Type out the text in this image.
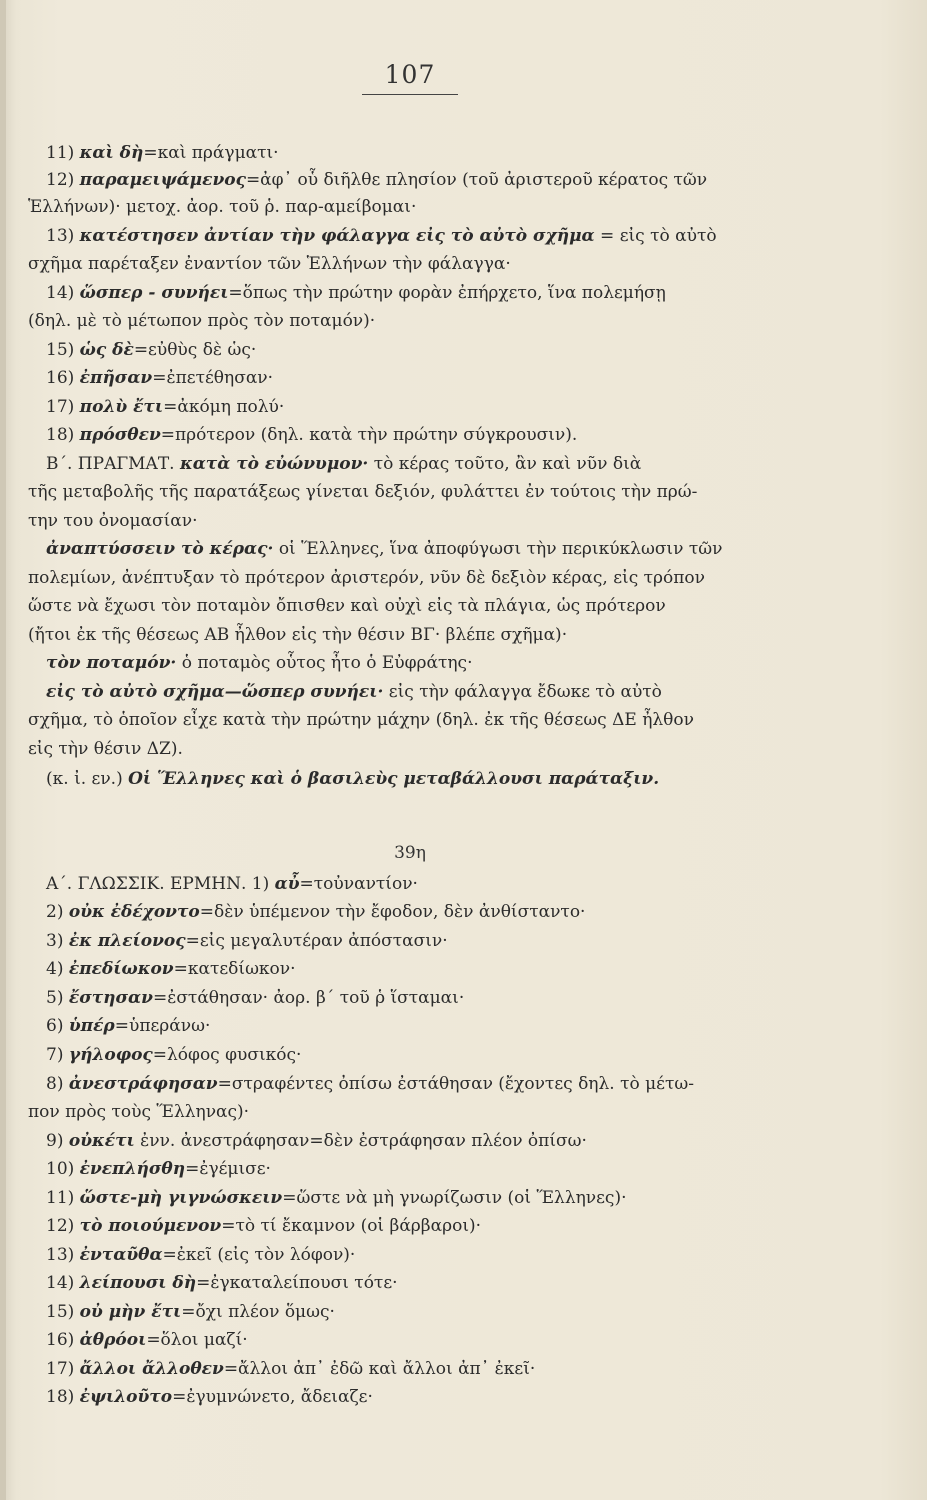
107
11) καὶ δὴ=καὶ πράγματι·
12) παραμειψάμενος=ἀφ᾿ οὗ διῆλθε πλησίον (τοῦ ἀριστεροῦ κέρατος τῶν
Ἑλλήνων)· μετοχ. ἀορ. τοῦ ῥ. παρ-αμείβομαι·
13) κατέστησεν ἀντίαν τὴν φάλαγγα εἰς τὸ αὐτὸ σχῆμα = εἰς τὸ αὐτὸ
σχῆμα παρέταξεν ἐναντίον τῶν Ἑλλήνων τὴν φάλαγγα·
14) ὥσπερ - συνήει=ὅπως τὴν πρώτην φορὰν ἐπήρχετο, ἵνα πολεμήσῃ
(δηλ. μὲ τὸ μέτωπον πρὸς τὸν ποταμόν)·
15) ὡς δὲ=εὐθὺς δὲ ὡς·
16) ἐπῆσαν=ἐπετέθησαν·
17) πολὺ ἔτι=ἀκόμη πολύ·
18) πρόσθεν=πρότερον (δηλ. κατὰ τὴν πρώτην σύγκρουσιν).
Β΄. ΠΡΑΓΜΑΤ. κατὰ τὸ εὐώνυμον· τὸ κέρας τοῦτο, ἂν καὶ νῦν διὰ
τῆς μεταβολῆς τῆς παρατάξεως γίνεται δεξιόν, φυλάττει ἐν τούτοις τὴν πρώ-
την του ὀνομασίαν·
ἀναπτύσσειν τὸ κέρας· οἱ Ἕλληνες, ἵνα ἀποφύγωσι τὴν περικύκλωσιν τῶν
πολεμίων, ἀνέπτυξαν τὸ πρότερον ἀριστερόν, νῦν δὲ δεξιὸν κέρας, εἰς τρόπον
ὥστε νὰ ἔχωσι τὸν ποταμὸν ὄπισθεν καὶ οὐχὶ εἰς τὰ πλάγια, ὡς πρότερον
(ἤτοι ἐκ τῆς θέσεως ΑΒ ἦλθον εἰς τὴν θέσιν ΒΓ· βλέπε σχῆμα)·
τὸν ποταμόν· ὁ ποταμὸς οὗτος ἦτο ὁ Εὐφράτης·
εἰς τὸ αὐτὸ σχῆμα—ὥσπερ συνήει· εἰς τὴν φάλαγγα ἔδωκε τὸ αὐτὸ
σχῆμα, τὸ ὁποῖον εἶχε κατὰ τὴν πρώτην μάχην (δηλ. ἐκ τῆς θέσεως ΔΕ ἦλθον
εἰς τὴν θέσιν ΔΖ).
(κ. ἰ. εν.) Οἱ Ἕλληνες καὶ ὁ βασιλεὺς μεταβάλλουσι παράταξιν.
39η
Α΄. ΓΛΩΣΣΙΚ. ΕΡΜΗΝ. 1) αὖ=τοὐναντίον·
2) οὐκ ἐδέχοντο=δὲν ὑπέμενον τὴν ἔφοδον, δὲν ἀνθίσταντο·
3) ἐκ πλείονος=εἰς μεγαλυτέραν ἀπόστασιν·
4) ἐπεδίωκον=κατεδίωκον·
5) ἔστησαν=ἐστάθησαν· ἀορ. β΄ τοῦ ῥ ἵσταμαι·
6) ὑπέρ=ὑπεράνω·
7) γήλοφος=λόφος φυσικός·
8) ἀνεστράφησαν=στραφέντες ὀπίσω ἐστάθησαν (ἔχοντες δηλ. τὸ μέτω-
πον πρὸς τοὺς Ἕλληνας)·
9) οὐκέτι ἐνν. ἀνεστράφησαν=δὲν ἐστράφησαν πλέον ὀπίσω·
10) ἐνεπλήσθη=ἐγέμισε·
11) ὥστε-μὴ γιγνώσκειν=ὥστε νὰ μὴ γνωρίζωσιν (οἱ Ἕλληνες)·
12) τὸ ποιούμενον=τὸ τί ἔκαμνον (οἱ βάρβαροι)·
13) ἐνταῦθα=ἐκεῖ (εἰς τὸν λόφον)·
14) λείπουσι δὴ=ἐγκαταλείπουσι τότε·
15) οὐ μὴν ἔτι=ὄχι πλέον ὅμως·
16) ἀθρόοι=ὅλοι μαζί·
17) ἄλλοι ἄλλοθεν=ἄλλοι ἀπ᾿ ἐδῶ καὶ ἄλλοι ἀπ᾿ ἐκεῖ·
18) ἐψιλοῦτο=ἐγυμνώνετο, ἄδειαζε·
